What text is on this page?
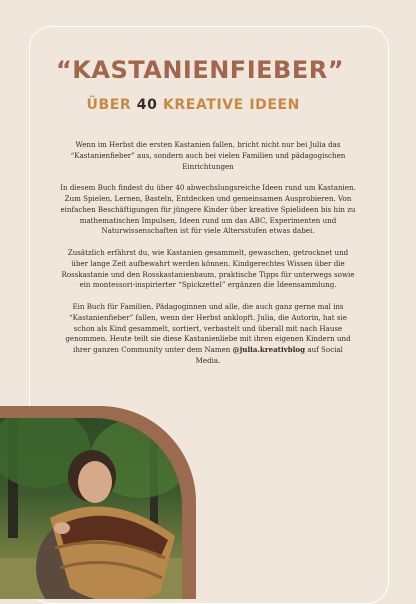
“KASTANIENFIEBER”
ÜBER 40 KREATIVE IDEEN

Wenn im Herbst die ersten Kastanien fallen, bricht nicht nur bei Julia das “Kastanienfieber” aus, sondern auch bei vielen Familien und pädagogischen Einrichtungen

In diesem Buch findest du über 40 abwechslungsreiche Ideen rund um Kastanien. Zum Spielen, Lernen, Basteln, Entdecken und gemeinsamen Ausprobieren. Von einfachen Beschäftigungen für jüngere Kinder über kreative Spielideen bis hin zu mathematischen Impulsen, Ideen rund um das ABC, Experimenten und Naturwissenschaften ist für viele Altersstufen etwas dabei.

Zusätzlich erfährst du, wie Kastanien gesammelt, gewaschen, getrocknet und über lange Zeit aufbewahrt werden können. Kindgerechtes Wissen über die Rosskastanie und den Rosskastanienbaum, praktische Tipps für unterwegs sowie ein montessori-inspirierter “Spickzettel” ergänzen die Ideensammlung.

Ein Buch für Familien, Pädagoginnen und alle, die auch ganz gerne mal ins “Kastanienfieber” fallen, wenn der Herbst anklopft. Julia, die Autorin, hat sie schon als Kind gesammelt, sortiert, verbastelt und überall mit nach Hause genommen. Heute teilt sie diese Kastanienliebe mit ihren eigenen Kindern und ihrer ganzen Community unter dem Namen @julia.kreativblog auf Social Media.
